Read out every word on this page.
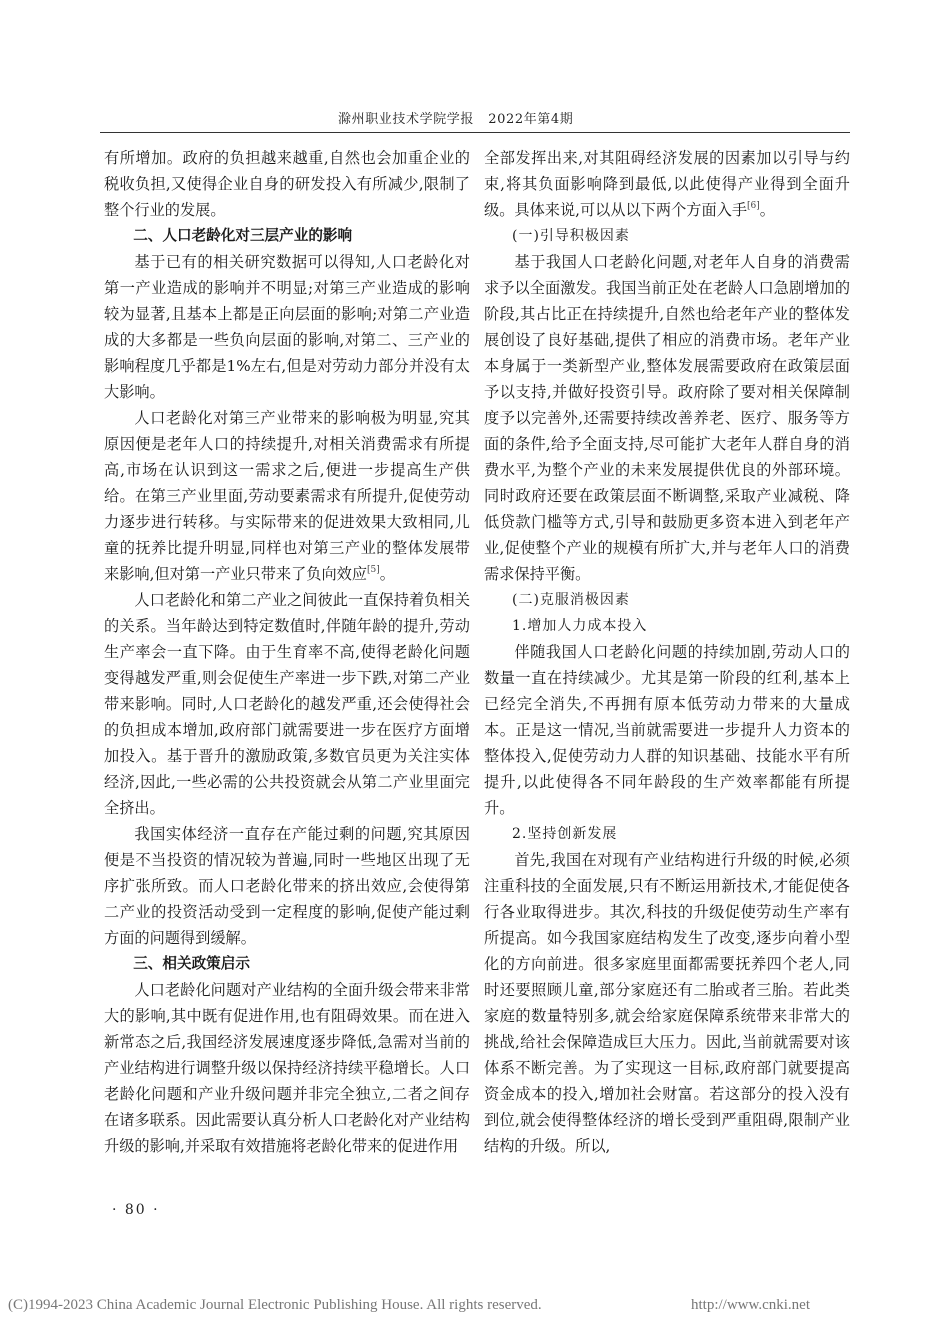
滁州职业技术学院学报 2022年第4期

有所增加。政府的负担越来越重,自然也会加重企业的税收负担,又使得企业自身的研发投入有所减少,限制了整个行业的发展。

二、人口老龄化对三层产业的影响

基于已有的相关研究数据可以得知,人口老龄化对第一产业造成的影响并不明显;对第三产业造成的影响较为显著,且基本上都是正向层面的影响;对第二产业造成的大多都是一些负向层面的影响,对第二、三产业的影响程度几乎都是1%左右,但是对劳动力部分并没有太大影响。

人口老龄化对第三产业带来的影响极为明显,究其原因便是老年人口的持续提升,对相关消费需求有所提高,市场在认识到这一需求之后,便进一步提高生产供给。在第三产业里面,劳动要素需求有所提升,促使劳动力逐步进行转移。与实际带来的促进效果大致相同,儿童的抚养比提升明显,同样也对第三产业的整体发展带来影响,但对第一产业只带来了负向效应[5]。

人口老龄化和第二产业之间彼此一直保持着负相关的关系。当年龄达到特定数值时,伴随年龄的提升,劳动生产率会一直下降。由于生育率不高,使得老龄化问题变得越发严重,则会促使生产率进一步下跌,对第二产业带来影响。同时,人口老龄化的越发严重,还会使得社会的负担成本增加,政府部门就需要进一步在医疗方面增加投入。基于晋升的激励政策,多数官员更为关注实体经济,因此,一些必需的公共投资就会从第二产业里面完全挤出。

我国实体经济一直存在产能过剩的问题,究其原因便是不当投资的情况较为普遍,同时一些地区出现了无序扩张所致。而人口老龄化带来的挤出效应,会使得第二产业的投资活动受到一定程度的影响,促使产能过剩方面的问题得到缓解。

三、相关政策启示

人口老龄化问题对产业结构的全面升级会带来非常大的影响,其中既有促进作用,也有阻碍效果。而在进入新常态之后,我国经济发展速度逐步降低,急需对当前的产业结构进行调整升级以保持经济持续平稳增长。人口老龄化问题和产业升级问题并非完全独立,二者之间存在诸多联系。因此需要认真分析人口老龄化对产业结构升级的影响,并采取有效措施将老龄化带来的促进作用

全部发挥出来,对其阻碍经济发展的因素加以引导与约束,将其负面影响降到最低,以此使得产业得到全面升级。具体来说,可以从以下两个方面入手[6]。

(一)引导积极因素

基于我国人口老龄化问题,对老年人自身的消费需求予以全面激发。我国当前正处在老龄人口急剧增加的阶段,其占比正在持续提升,自然也给老年产业的整体发展创设了良好基础,提供了相应的消费市场。老年产业本身属于一类新型产业,整体发展需要政府在政策层面予以支持,并做好投资引导。政府除了要对相关保障制度予以完善外,还需要持续改善养老、医疗、服务等方面的条件,给予全面支持,尽可能扩大老年人群自身的消费水平,为整个产业的未来发展提供优良的外部环境。同时政府还要在政策层面不断调整,采取产业减税、降低贷款门槛等方式,引导和鼓励更多资本进入到老年产业,促使整个产业的规模有所扩大,并与老年人口的消费需求保持平衡。

(二)克服消极因素

1.增加人力成本投入

伴随我国人口老龄化问题的持续加剧,劳动人口的数量一直在持续减少。尤其是第一阶段的红利,基本上已经完全消失,不再拥有原本低劳动力带来的大量成本。正是这一情况,当前就需要进一步提升人力资本的整体投入,促使劳动力人群的知识基础、技能水平有所提升,以此使得各不同年龄段的生产效率都能有所提升。

2.坚持创新发展

首先,我国在对现有产业结构进行升级的时候,必须注重科技的全面发展,只有不断运用新技术,才能促使各行各业取得进步。其次,科技的升级促使劳动生产率有所提高。如今我国家庭结构发生了改变,逐步向着小型化的方向前进。很多家庭里面都需要抚养四个老人,同时还要照顾儿童,部分家庭还有二胎或者三胎。若此类家庭的数量特别多,就会给家庭保障系统带来非常大的挑战,给社会保障造成巨大压力。因此,当前就需要对该体系不断完善。为了实现这一目标,政府部门就要提高资金成本的投入,增加社会财富。若这部分的投入没有到位,就会使得整体经济的增长受到严重阻碍,限制产业结构的升级。所以,

· 80 ·
(C)1994-2023 China Academic Journal Electronic Publishing House. All rights reserved.	http://www.cnki.net
